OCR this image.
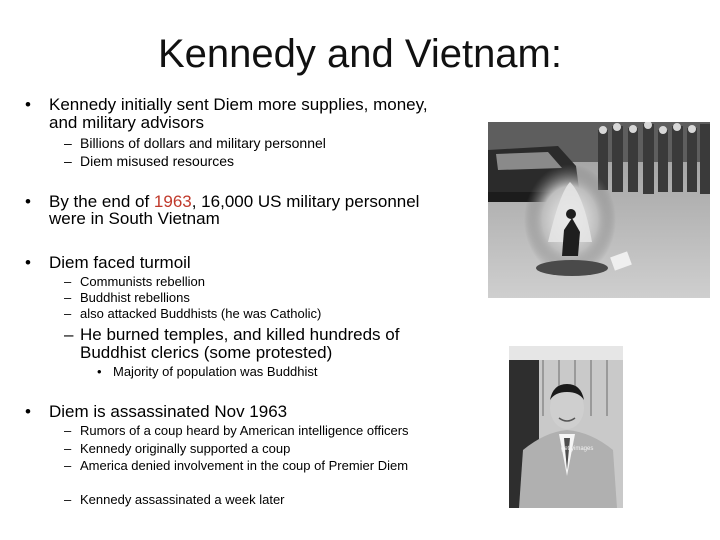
Kennedy and Vietnam:
• Kennedy initially sent Diem more supplies, money,
and military advisors
– Billions of dollars and military personnel
– Diem misused resources
• By the end of 1963, 16,000 US military personnel
were in South Vietnam
• Diem faced turmoil
– Communists rebellion
– Buddhist rebellions
– also attacked Buddhists (he was Catholic)
– He burned temples, and killed hundreds of
Buddhist clerics (some protested)
• Majority of population was Buddhist
• Diem is assassinated Nov 1963
– Rumors of a coup heard by American intelligence officers
– Kennedy originally supported a coup
– America denied involvement in the coup of Premier Diem
– Kennedy assassinated a week later
gettyimages
